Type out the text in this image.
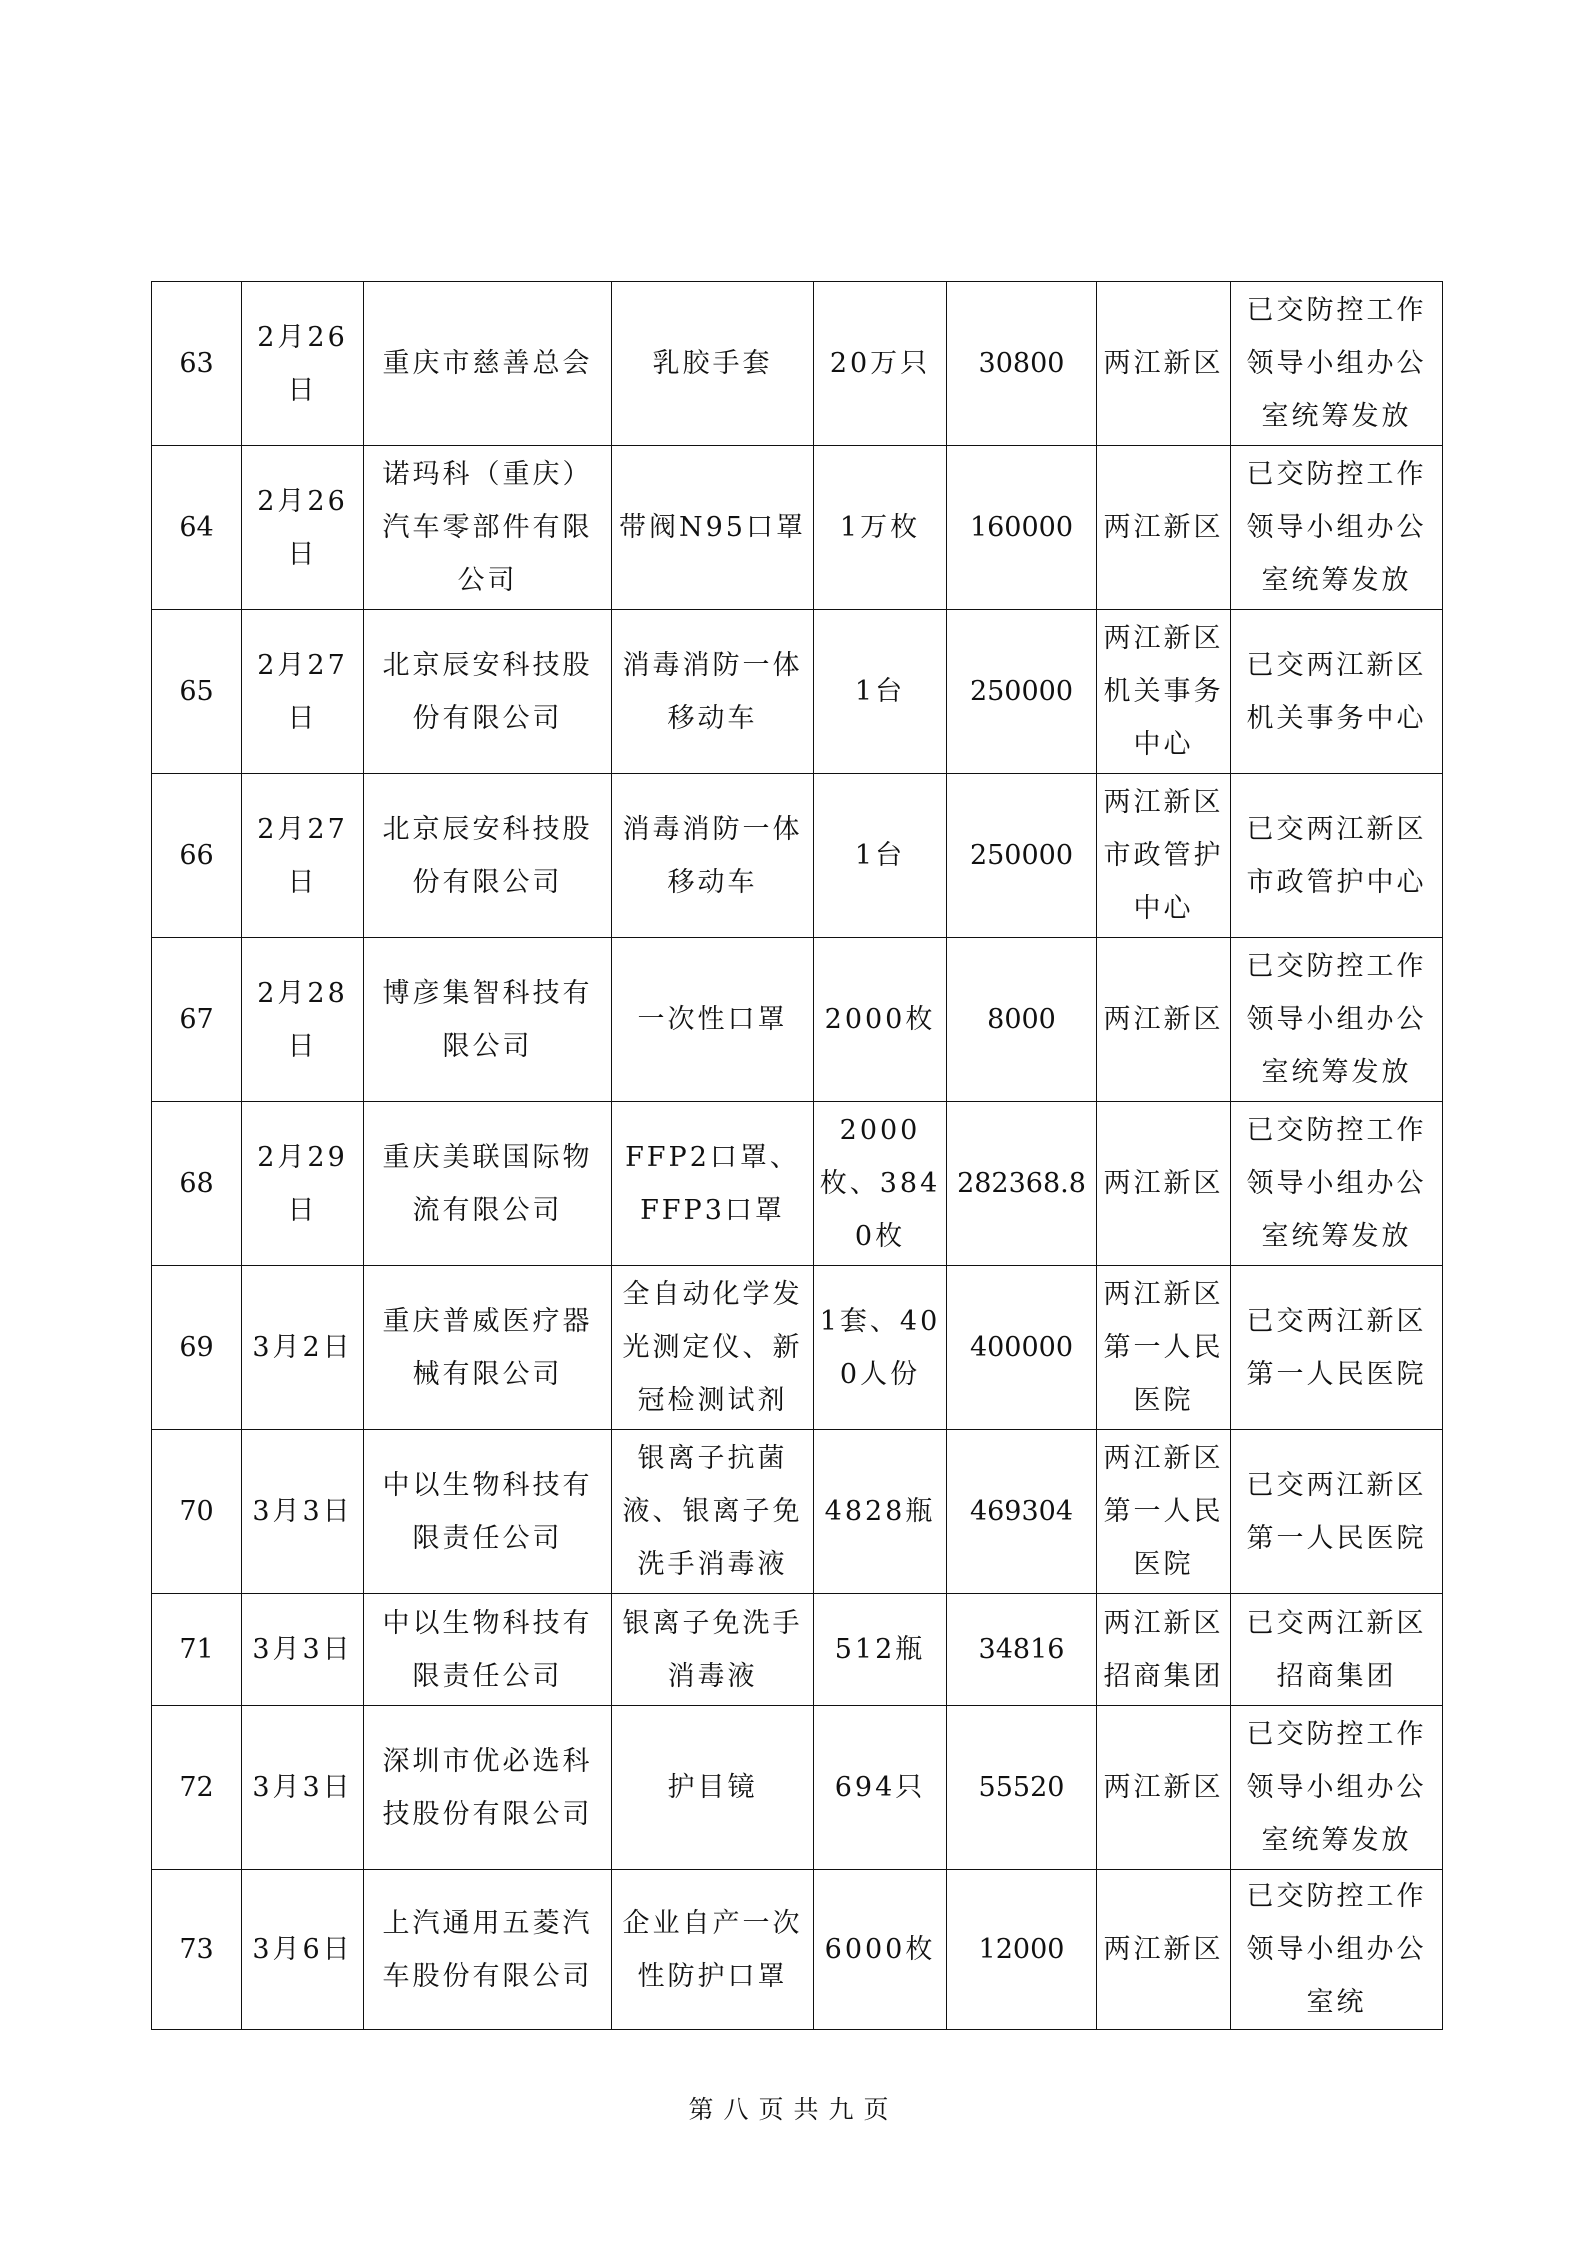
63	2月26日	重庆市慈善总会	乳胶手套	20万只	30800	两江新区	已交防控工作领导小组办公室统筹发放
64	2月26日	诺玛科（重庆）汽车零部件有限公司	带阀N95口罩	1万枚	160000	两江新区	已交防控工作领导小组办公室统筹发放
65	2月27日	北京辰安科技股份有限公司	消毒消防一体移动车	1台	250000	两江新区机关事务中心	已交两江新区机关事务中心
66	2月27日	北京辰安科技股份有限公司	消毒消防一体移动车	1台	250000	两江新区市政管护中心	已交两江新区市政管护中心
67	2月28日	博彦集智科技有限公司	一次性口罩	2000枚	8000	两江新区	已交防控工作领导小组办公室统筹发放
68	2月29日	重庆美联国际物流有限公司	FFP2口罩、FFP3口罩	2000枚、3840枚	282368.8	两江新区	已交防控工作领导小组办公室统筹发放
69	3月2日	重庆普威医疗器械有限公司	全自动化学发光测定仪、新冠检测试剂	1套、400人份	400000	两江新区第一人民医院	已交两江新区第一人民医院
70	3月3日	中以生物科技有限责任公司	银离子抗菌液、银离子免洗手消毒液	4828瓶	469304	两江新区第一人民医院	已交两江新区第一人民医院
71	3月3日	中以生物科技有限责任公司	银离子免洗手消毒液	512瓶	34816	两江新区招商集团	已交两江新区招商集团
72	3月3日	深圳市优必选科技股份有限公司	护目镜	694只	55520	两江新区	已交防控工作领导小组办公室统筹发放
73	3月6日	上汽通用五菱汽车股份有限公司	企业自产一次性防护口罩	6000枚	12000	两江新区	已交防控工作领导小组办公室统
第八页共九页
